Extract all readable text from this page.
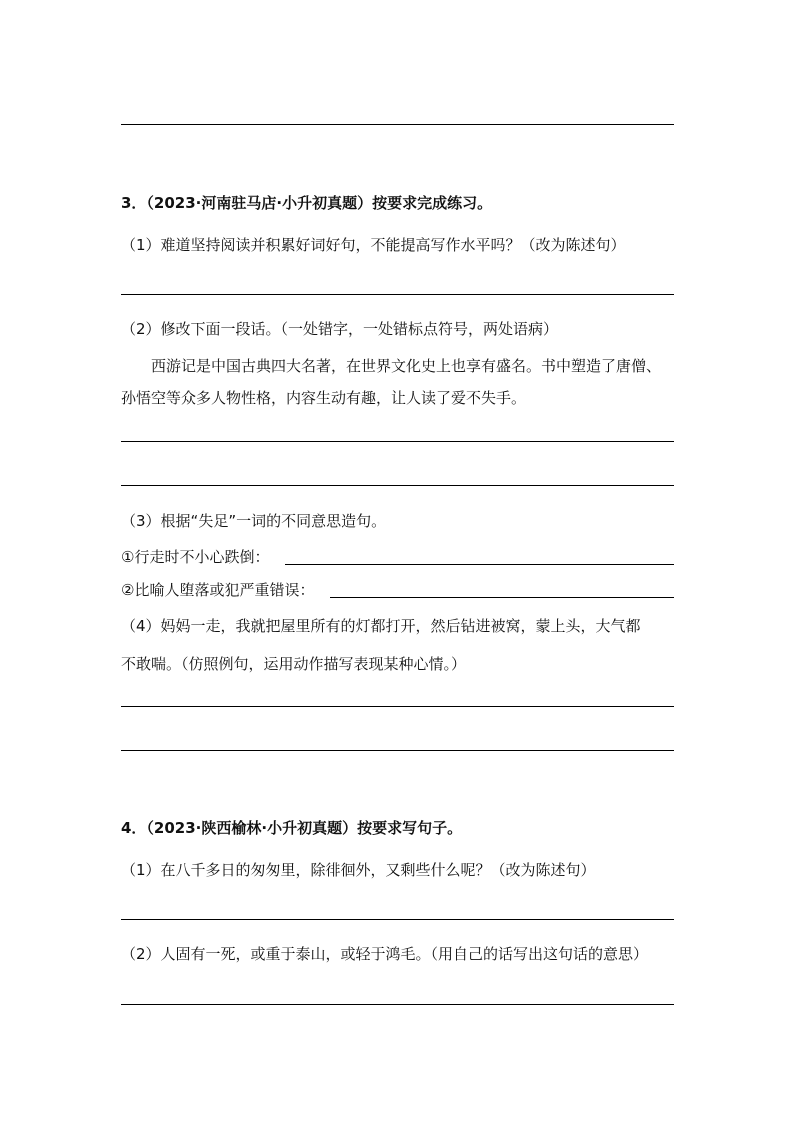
3．（2023·河南驻马店·小升初真题）按要求完成练习。
（1）难道坚持阅读并积累好词好句，不能提高写作水平吗？（改为陈述句）
（2）修改下面一段话。（一处错字，一处错标点符号，两处语病）
西游记是中国古典四大名著，在世界文化史上也享有盛名。书中塑造了唐僧、
孙悟空等众多人物性格，内容生动有趣，让人读了爱不失手。
（3）根据“失足”一词的不同意思造句。
①行走时不小心跌倒：
②比喻人堕落或犯严重错误：
（4）妈妈一走，我就把屋里所有的灯都打开，然后钻进被窝，蒙上头，大气都
不敢喘。（仿照例句，运用动作描写表现某种心情。）
4．（2023·陕西榆林·小升初真题）按要求写句子。
（1）在八千多日的匆匆里，除徘徊外，又剩些什么呢？（改为陈述句）
（2）人固有一死，或重于泰山，或轻于鸿毛。（用自己的话写出这句话的意思）
